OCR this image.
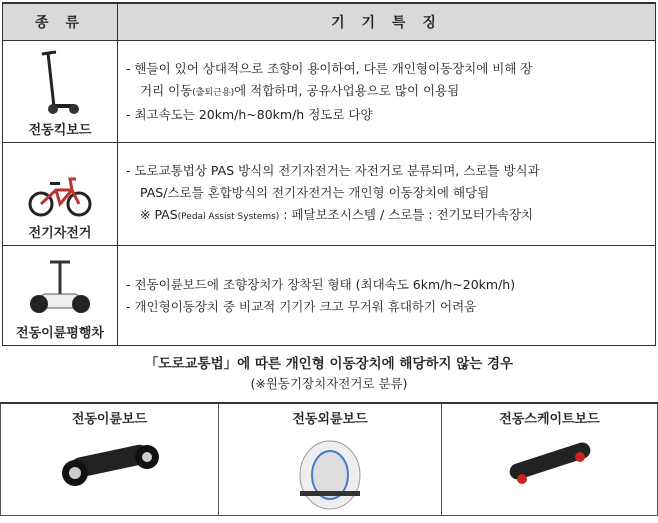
종 류	기 기 특 징

전동킥보드	- 핸들이 있어 상대적으로 조향이 용이하여, 다른 개인형이동장치에 비해 장
거리 이동(출퇴근용)에 적합하며, 공유사업용으로 많이 이용됨
- 최고속도는 20km/h~80km/h 정도로 다양

전기자전거	- 도로교통법상 PAS 방식의 전기자전거는 자전거로 분류되며, 스로틀 방식과
PAS/스로틀 혼합방식의 전기자전거는 개인형 이동장치에 해당됨
※ PAS(Pedal Assist Systems) : 페달보조시스템 / 스로틀 : 전기모터가속장치

전동이륜평행차	- 전동이륜보드에 조향장치가 장착된 형태 (최대속도 6km/h~20km/h)
- 개인형이동장치 중 비교적 기기가 크고 무거워 휴대하기 어려움
「도로교통법」에 따른 개인형 이동장치에 해당하지 않는 경우
(※원동기장치자전거로 분류)
전동이륜보드	전동외륜보드	전동스케이트보드
